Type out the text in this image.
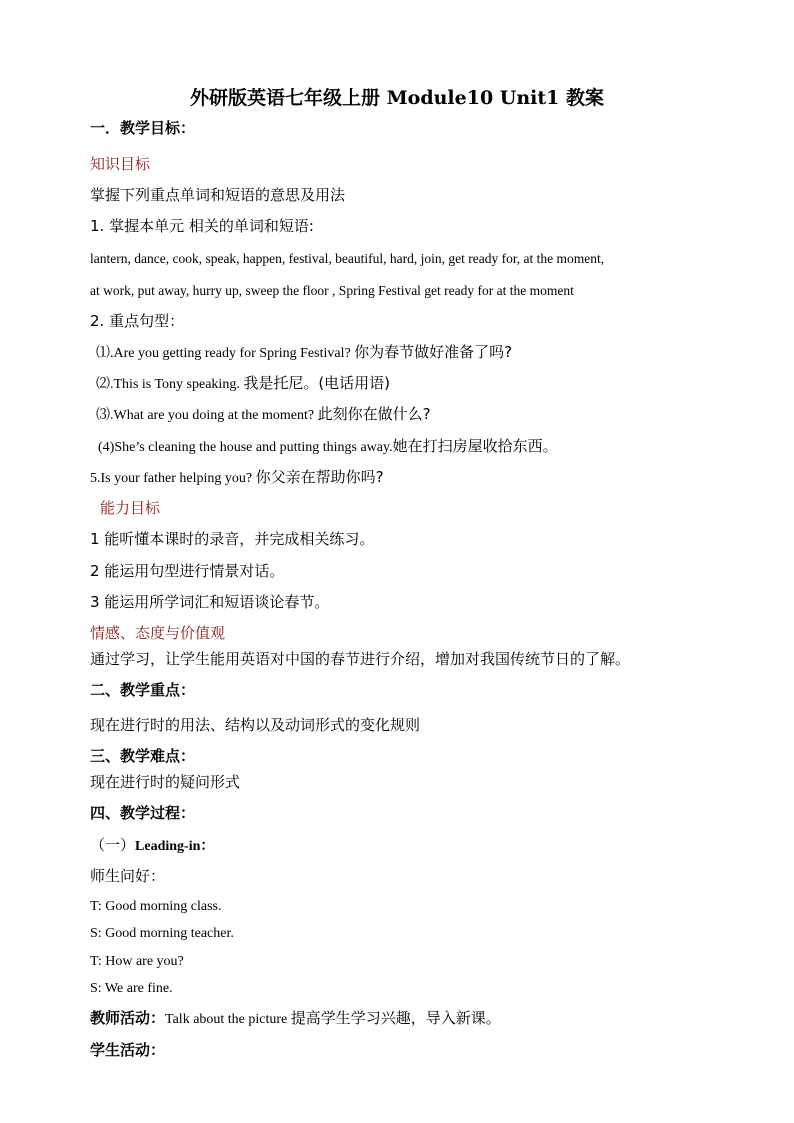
外研版英语七年级上册 Module10 Unit1 教案
一．教学目标：
知识目标
掌握下列重点单词和短语的意思及用法
1. 掌握本单元 相关的单词和短语:
lantern, dance, cook, speak, happen, festival, beautiful, hard, join, get ready for, at the moment,
at work, put away, hurry up, sweep the floor , Spring Festival get ready for at the moment
2. 重点句型：
⑴.Are you getting ready for Spring Festival? 你为春节做好准备了吗?
⑵.This is Tony speaking. 我是托尼。(电话用语)
⑶.What are you doing at the moment? 此刻你在做什么?
(4)She’s cleaning the house and putting things away.她在打扫房屋收拾东西。
5.Is your father helping you? 你父亲在帮助你吗?
能力目标
1 能听懂本课时的录音，并完成相关练习。
2 能运用句型进行情景对话。
3 能运用所学词汇和短语谈论春节。
情感、态度与价值观
通过学习，让学生能用英语对中国的春节进行介绍，增加对我国传统节日的了解。
二、教学重点：
现在进行时的用法、结构以及动词形式的变化规则
三、教学难点：
现在进行时的疑问形式
四、教学过程：
（一）Leading-in：
师生问好：
T: Good morning class.
S: Good morning teacher.
T: How are you?
S: We are fine.
教师活动：Talk about the picture 提高学生学习兴趣，导入新课。
学生活动：
